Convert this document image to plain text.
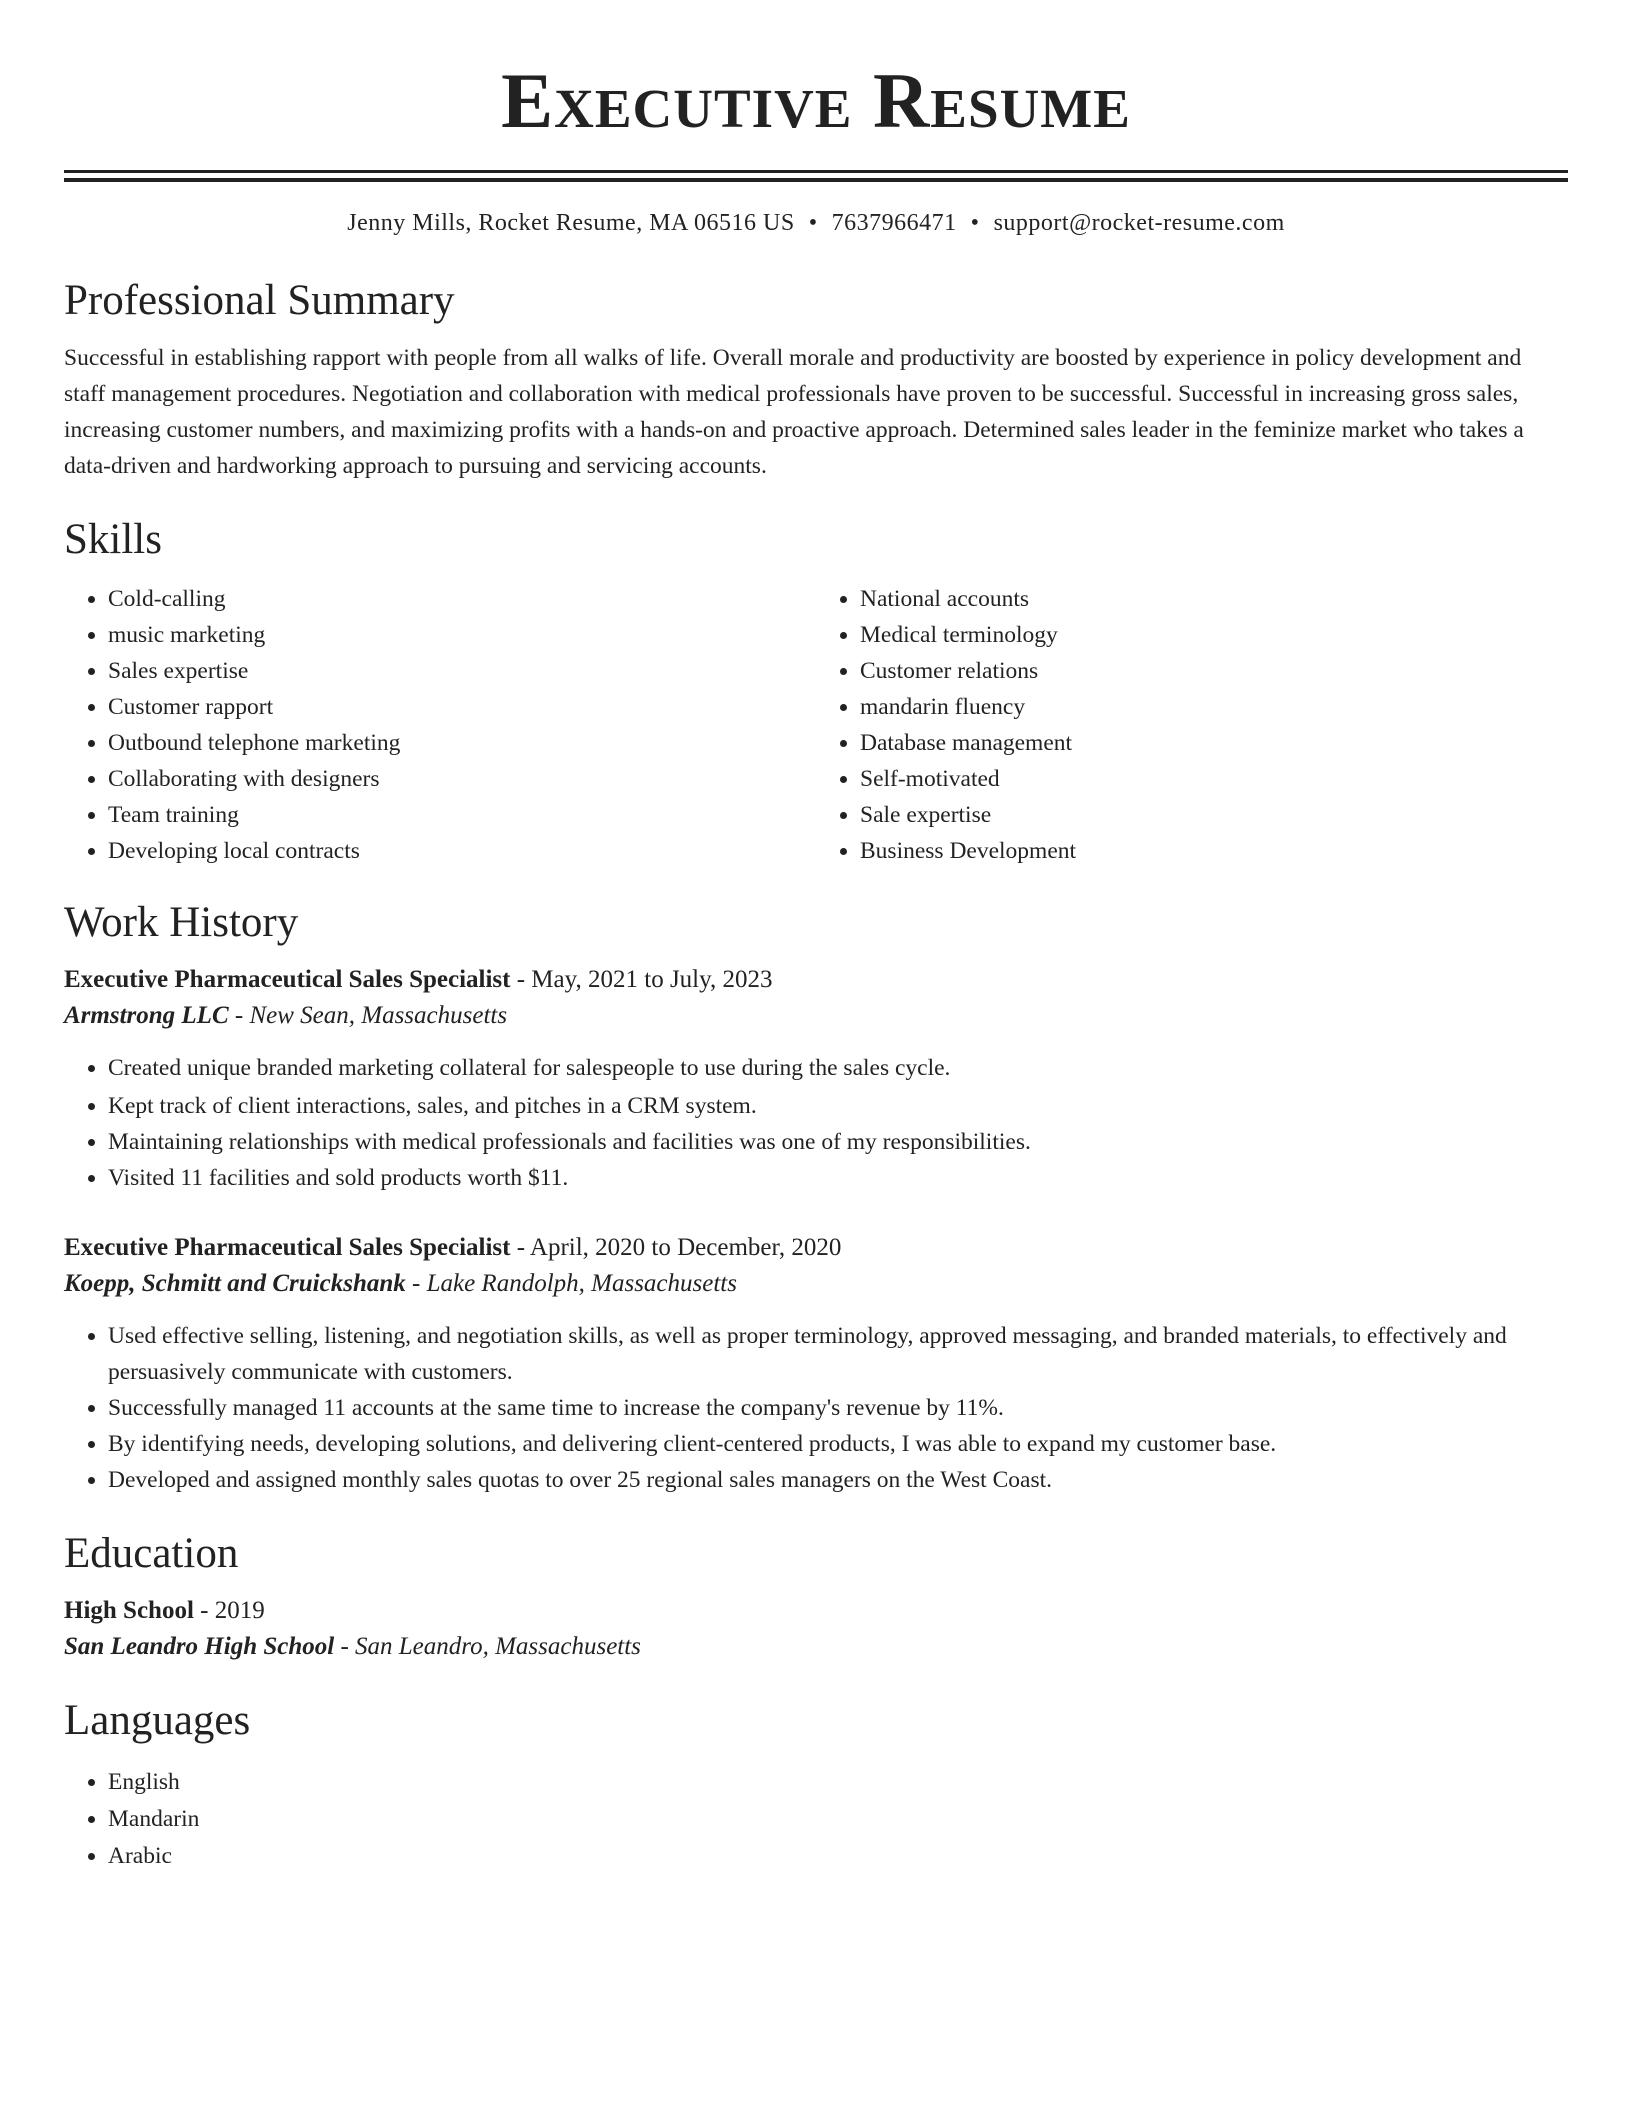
Executive Resume
Jenny Mills, Rocket Resume, MA 06516 US • 7637966471 • support@rocket-resume.com
Professional Summary

Successful in establishing rapport with people from all walks of life. Overall morale and productivity are boosted by experience in policy development and staff management procedures. Negotiation and collaboration with medical professionals have proven to be successful. Successful in increasing gross sales, increasing customer numbers, and maximizing profits with a hands-on and proactive approach. Determined sales leader in the feminize market who takes a data-driven and hardworking approach to pursuing and servicing accounts.

Skills
• Cold-calling
• music marketing
• Sales expertise
• Customer rapport
• Outbound telephone marketing
• Collaborating with designers
• Team training
• Developing local contracts
• National accounts
• Medical terminology
• Customer relations
• mandarin fluency
• Database management
• Self-motivated
• Sale expertise
• Business Development
Work History
Executive Pharmaceutical Sales Specialist - May, 2021 to July, 2023
Armstrong LLC - New Sean, Massachusetts
• Created unique branded marketing collateral for salespeople to use during the sales cycle.
• Kept track of client interactions, sales, and pitches in a CRM system.
• Maintaining relationships with medical professionals and facilities was one of my responsibilities.
• Visited 11 facilities and sold products worth $11.
Executive Pharmaceutical Sales Specialist - April, 2020 to December, 2020
Koepp, Schmitt and Cruickshank - Lake Randolph, Massachusetts
• Used effective selling, listening, and negotiation skills, as well as proper terminology, approved messaging, and branded materials, to effectively and persuasively communicate with customers.
• Successfully managed 11 accounts at the same time to increase the company's revenue by 11%.
• By identifying needs, developing solutions, and delivering client-centered products, I was able to expand my customer base.
• Developed and assigned monthly sales quotas to over 25 regional sales managers on the West Coast.
Education
High School - 2019
San Leandro High School - San Leandro, Massachusetts
Languages
• English
• Mandarin
• Arabic
